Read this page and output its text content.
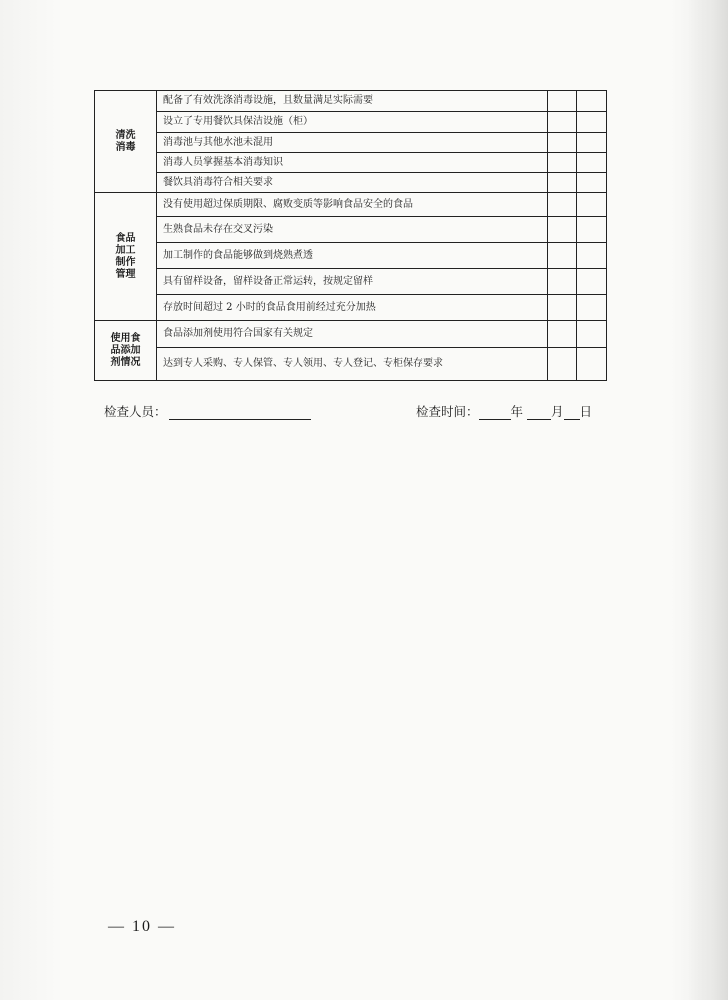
清洗
消毒	配备了有效洗涤消毒设施，且数量满足实际需要		
	设立了专用餐饮具保洁设施（柜）		
	消毒池与其他水池未混用		
	消毒人员掌握基本消毒知识		
	餐饮具消毒符合相关要求		

食品
加工
制作
管理	没有使用超过保质期限、腐败变质等影响食品安全的食品		
	生熟食品未存在交叉污染		
	加工制作的食品能够做到烧熟煮透		
	具有留样设备，留样设备正常运转，按规定留样		
	存放时间超过 2 小时的食品食用前经过充分加热		

使用食
品添加
剂情况	食品添加剂使用符合国家有关规定		
	达到专人采购、专人保管、专人领用、专人登记、专柜保存要求		
检查人员：	检查时间：	年 月 日
— 10 —
